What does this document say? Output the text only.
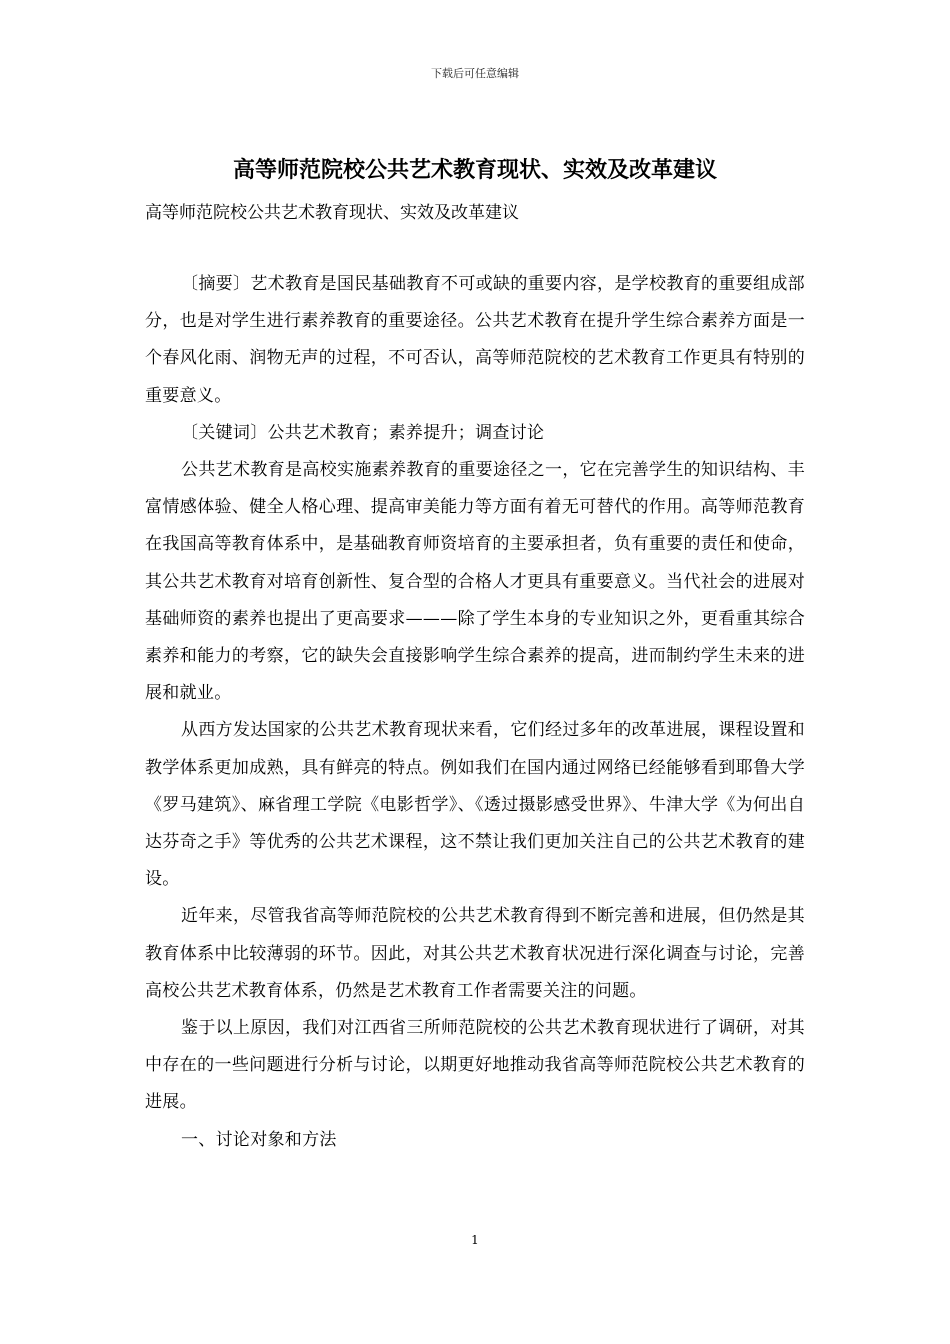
下载后可任意编辑
高等师范院校公共艺术教育现状、实效及改革建议

高等师范院校公共艺术教育现状、实效及改革建议

〔摘要〕艺术教育是国民基础教育不可或缺的重要内容，是学校教育的重要组成部分，也是对学生进行素养教育的重要途径。公共艺术教育在提升学生综合素养方面是一个春风化雨、润物无声的过程，不可否认，高等师范院校的艺术教育工作更具有特别的重要意义。

〔关键词〕公共艺术教育；素养提升；调查讨论

公共艺术教育是高校实施素养教育的重要途径之一，它在完善学生的知识结构、丰富情感体验、健全人格心理、提高审美能力等方面有着无可替代的作用。高等师范教育在我国高等教育体系中，是基础教育师资培育的主要承担者，负有重要的责任和使命，其公共艺术教育对培育创新性、复合型的合格人才更具有重要意义。当代社会的进展对基础师资的素养也提出了更高要求———除了学生本身的专业知识之外，更看重其综合素养和能力的考察，它的缺失会直接影响学生综合素养的提高，进而制约学生未来的进展和就业。

从西方发达国家的公共艺术教育现状来看，它们经过多年的改革进展，课程设置和教学体系更加成熟，具有鲜亮的特点。例如我们在国内通过网络已经能够看到耶鲁大学《罗马建筑》、麻省理工学院《电影哲学》、《透过摄影感受世界》、牛津大学《为何出自达芬奇之手》等优秀的公共艺术课程，这不禁让我们更加关注自己的公共艺术教育的建设。

近年来，尽管我省高等师范院校的公共艺术教育得到不断完善和进展，但仍然是其教育体系中比较薄弱的环节。因此，对其公共艺术教育状况进行深化调查与讨论，完善高校公共艺术教育体系，仍然是艺术教育工作者需要关注的问题。

鉴于以上原因，我们对江西省三所师范院校的公共艺术教育现状进行了调研，对其中存在的一些问题进行分析与讨论，以期更好地推动我省高等师范院校公共艺术教育的进展。

一、讨论对象和方法

1
